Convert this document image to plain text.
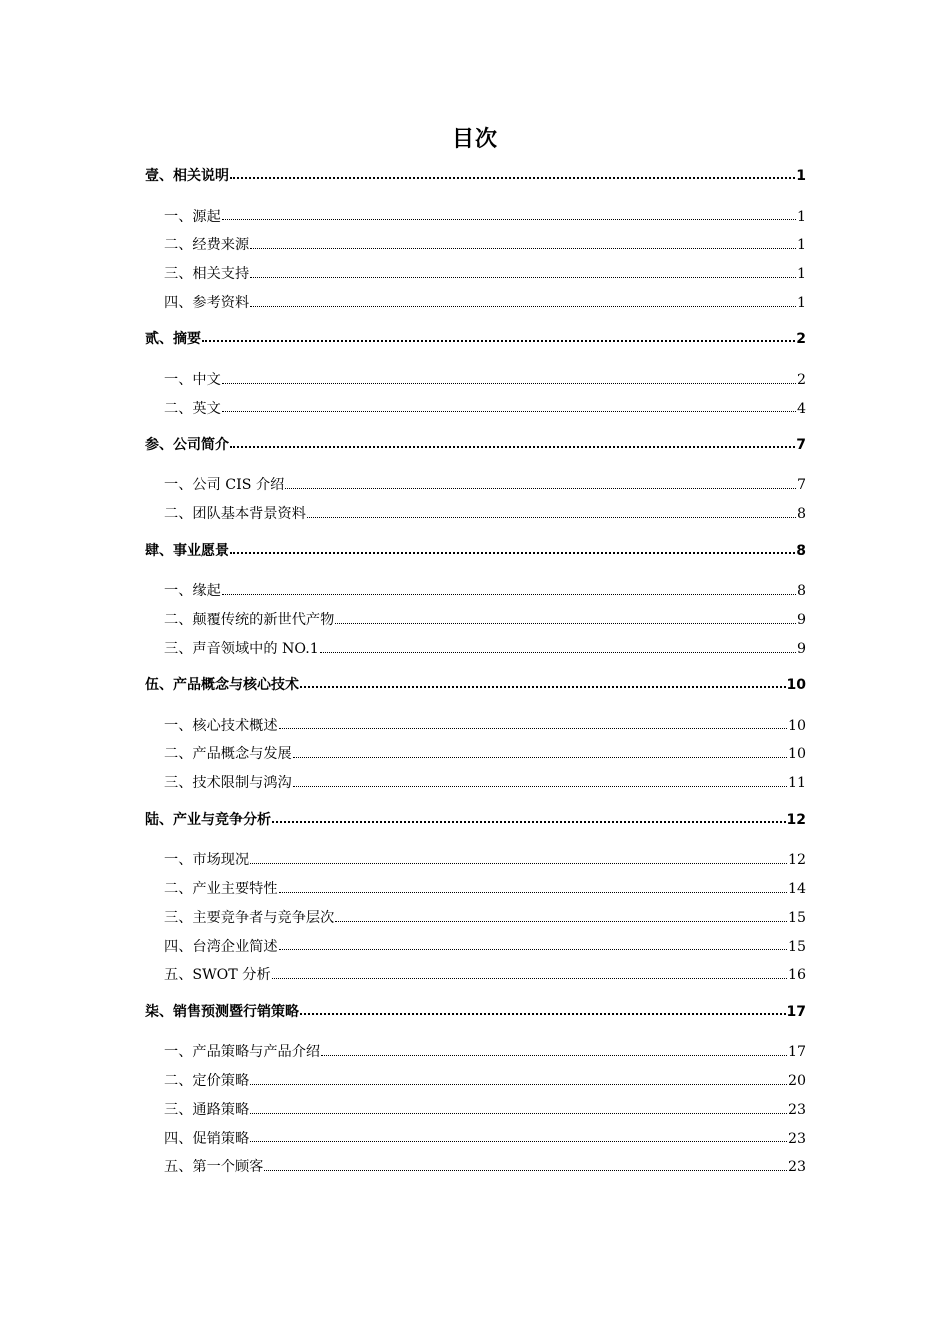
目次
壹、相关说明	1
一、源起	1
二、经费来源	1
三、相关支持	1
四、参考资料	1
贰、摘要	2
一、中文	2
二、英文	4
参、公司简介	7
一、公司 CIS 介绍	7
二、团队基本背景资料	8
肆、事业愿景	8
一、缘起	8
二、颠覆传统的新世代产物	9
三、声音领域中的 NO.1	9
伍、产品概念与核心技术	10
一、核心技术概述	10
二、产品概念与发展	10
三、技术限制与鸿沟	11
陆、产业与竞争分析	12
一、市场现况	12
二、产业主要特性	14
三、主要竞争者与竞争层次	15
四、台湾企业简述	15
五、SWOT 分析	16
柒、销售预测暨行销策略	17
一、产品策略与产品介绍	17
二、定价策略	20
三、通路策略	23
四、促销策略	23
五、第一个顾客	23
